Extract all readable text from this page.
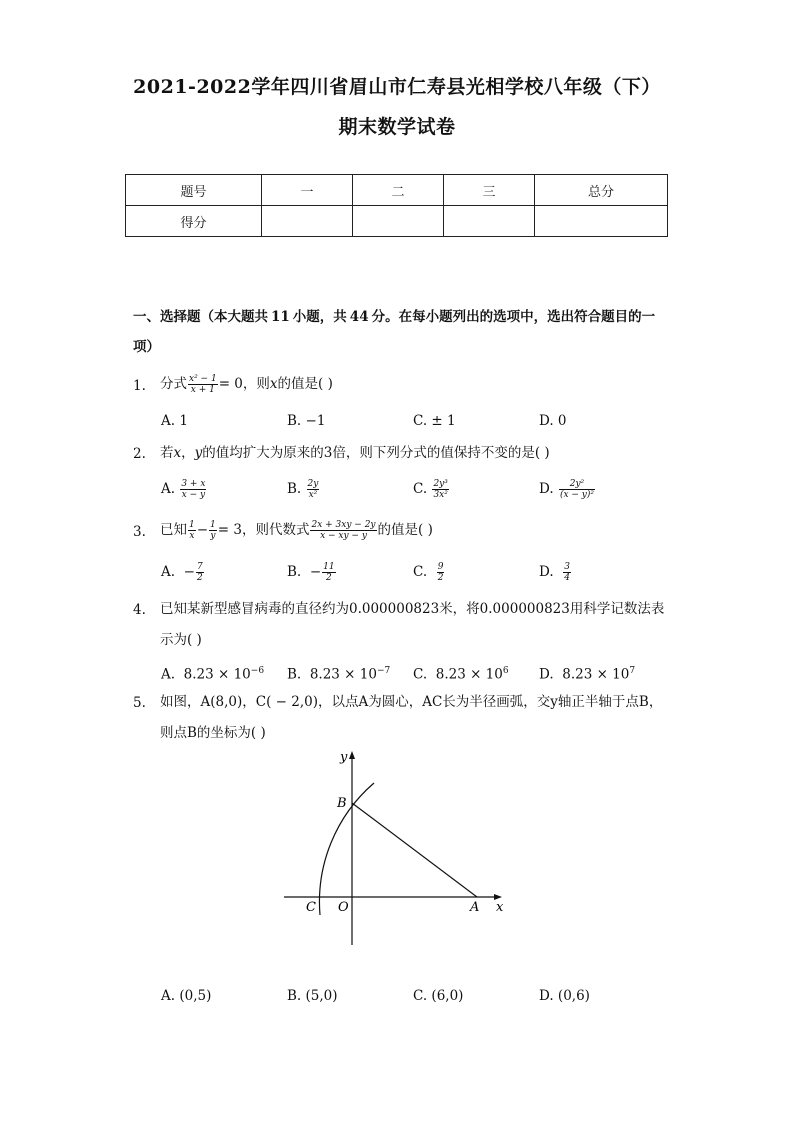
2021-2022学年四川省眉山市仁寿县光相学校八年级（下）
期末数学试卷
题号	一	二	三	总分
得分				
一、选择题（本大题共 11 小题，共 44 分。在每小题列出的选项中，选出符合题目的一
项）
1. 分式 $\frac{\text{x² − 1}}{x + 1} = 0$，则x的值是( )
A. 1	B. −1	C. ± 1	D. 0
2. 若x，y的值均扩大为原来的3倍，则下列分式的值保持不变的是( )
A. $\frac{3 + x}{x - y}$	B. $\frac{2y}{\text{x²}}$	C. $\frac{\text{2y³}}{\text{3x²}}$	D. $\frac{\text{2y²}}{\text{(x − y)²}}$
3. 已知 $\frac{1}{x} - \frac{1}{y} = 3$，则代数式 $\frac{2x + 3xy - 2y}{x - xy - y}$ 的值是( )
A. − $\frac{7}{2}$	B. − $\frac{11}{2}$	C. $\frac{9}{2}$	D. $\frac{3}{4}$
4. 已知某新型感冒病毒的直径约为0.000000823米，将0.000000823用科学记数法表
示为( )
A. $8.23 \times 10^{-6}$ B. $8.23 \times 10^{-7}$ C. $8.23 \times 10^6$ D. $8.23 \times 10^7$
5. 如图，A(8,0)，C( − 2,0)，以点A为圆心，AC长为半径画弧，交y轴正半轴于点B，
则点B的坐标为( )
y
x
B
C O	A
A. (0,5)	B. (5,0)	C. (6,0)	D. (0,6)
